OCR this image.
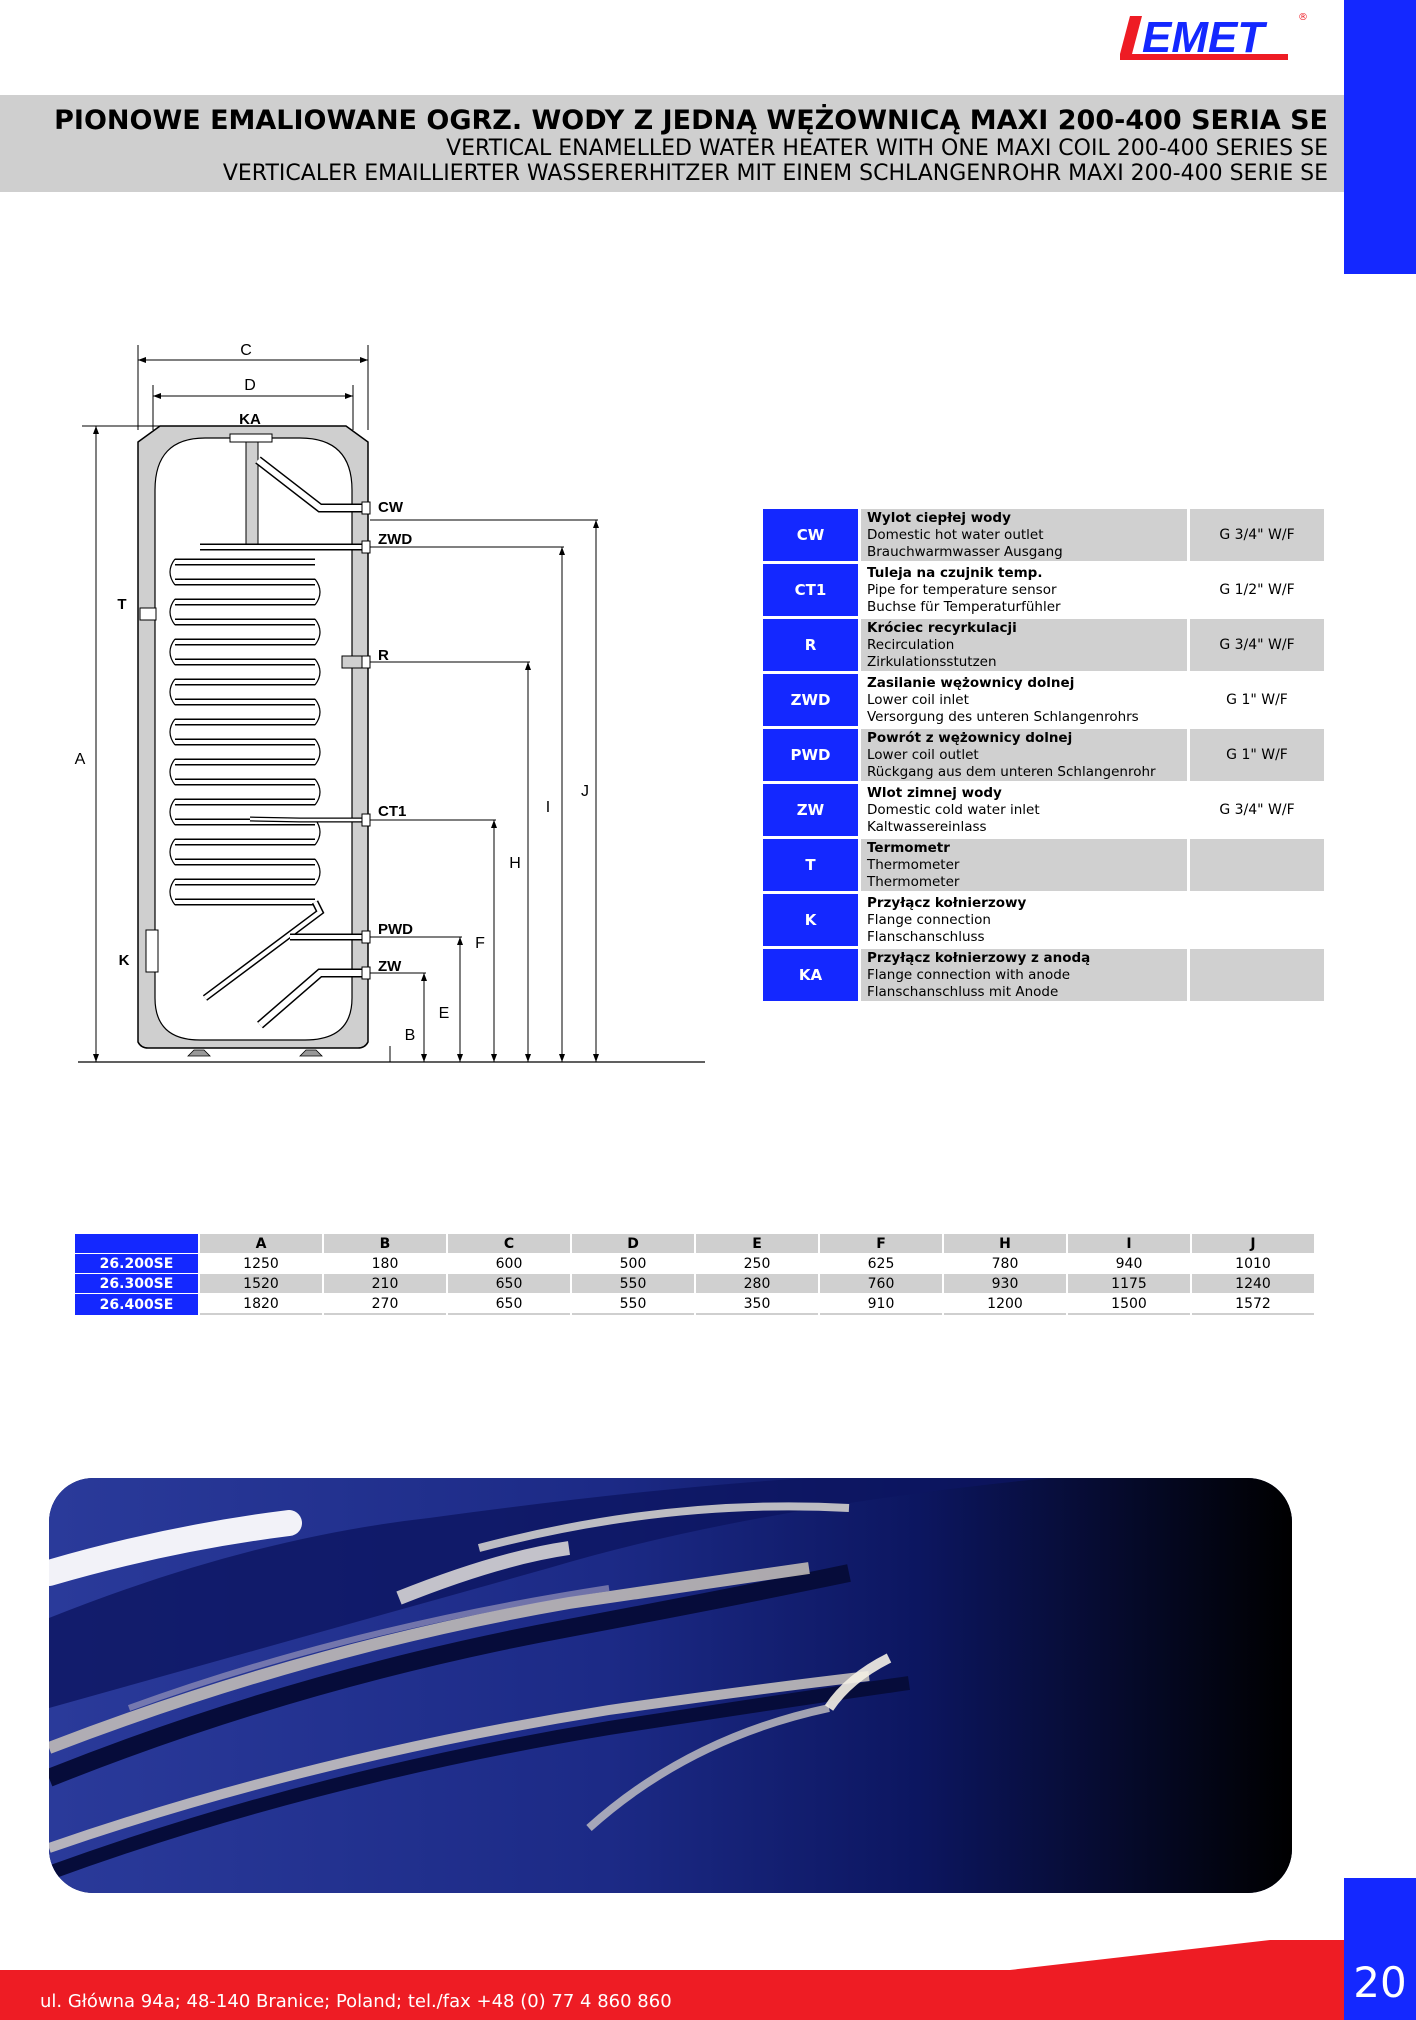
20
EMET	®
PIONOWE EMALIOWANE OGRZ. WODY Z JEDNĄ WĘŻOWNICĄ MAXI 200-400 SERIA SE
VERTICAL ENAMELLED WATER HEATER WITH ONE MAXI COIL 200-400 SERIES SE
VERTICALER EMAILLIERTER WASSERERHITZER MIT EINEM SCHLANGENROHR MAXI 200-400 SERIE SE
C
D
KA
CW
ZWD
PWD
ZW
R
CT1
T
K
A
B
E
F
H
I
J
CW	Wylot ciepłej wody
Domestic hot water outlet
Brauchwarmwasser Ausgang	G 3/4" W/F
CT1	Tuleja na czujnik temp.
Pipe for temperature sensor
Buchse für Temperaturfühler	G 1/2" W/F
R	Króciec recyrkulacji
Recirculation
Zirkulationsstutzen	G 3/4" W/F
ZWD	Zasilanie wężownicy dolnej
Lower coil inlet
Versorgung des unteren Schlangenrohrs	G 1" W/F
PWD	Powrót z wężownicy dolnej
Lower coil outlet
Rückgang aus dem unteren Schlangenrohr	G 1" W/F
ZW	Wlot zimnej wody
Domestic cold water inlet
Kaltwassereinlass	G 3/4" W/F
T	Termometr
Thermometer
Thermometer	

K	Przyłącz kołnierzowy
Flange connection
Flanschanschluss	

KA	Przyłącz kołnierzowy z anodą
Flange connection with anode
Flanschanschluss mit Anode	

	A	B	C	D	E	F	H	I	J
26.200SE	1250	180	600	500	250	625	780	940	1010
26.300SE	1520	210	650	550	280	760	930	1175	1240
26.400SE	1820	270	650	550	350	910	1200	1500	1572
ul. Główna 94a; 48-140 Branice; Poland; tel./fax +48 (0) 77 4 860 860
